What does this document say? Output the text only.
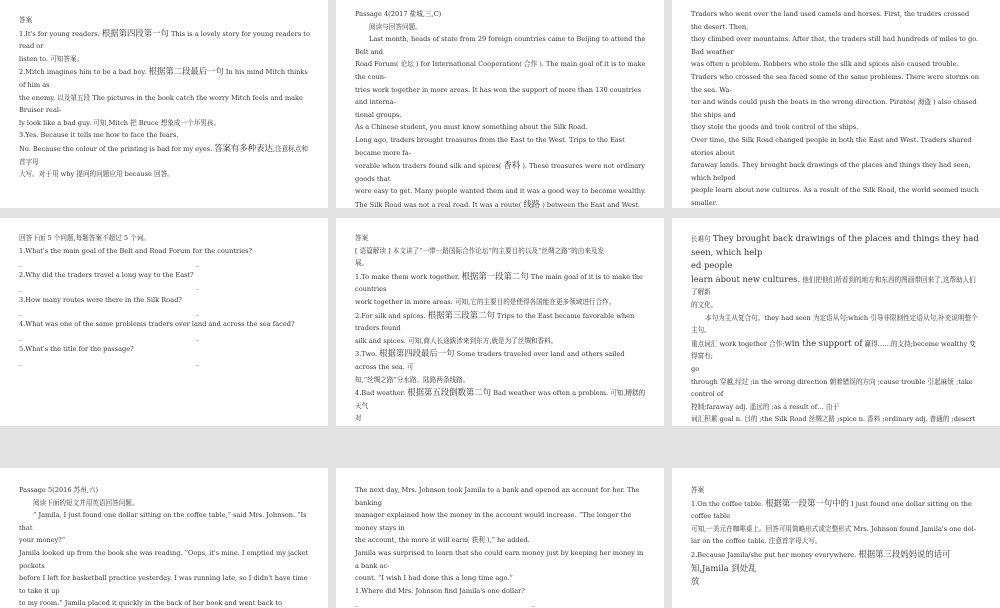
答案

1.It's for young readers. 根据第四段第一句 This is a lovely story for young readers to read or

listen to. 可知答案。

2.Mitch imagines him to be a bad boy. 根据第二段最后一句 In his mind Mitch thinks of him as

the enemy. 以及第五段 The pictures in the book catch the worry Mitch feels and make Bruiser real-

ly look like a bad guy. 可知,Mitch 把 Bruce 想象成一个坏男孩。

3.Yes. Because it tells me how to face the fears.

No. Because the colour of the printing is bad for my eyes. 答案有多种表达,注意标点和首字母

大写。对于用 why 提问的问题应用 because 回答。

Passage 4(2017 盐城,三,C)

阅读与回答问题。

Last month, heads of state from 29 foreign countries came to Beijing to attend the Belt and

Road Forum( 论坛 ) for International Cooperation( 合作 ). The main goal of it is to make the coun-

tries work together in more areas. It has won the support of more than 130 countries and interna-

tional groups.

As a Chinese student, you must know something about the Silk Road.

Long ago, traders brought treasures from the East to the West. Trips to the East became more fa-

vorable when traders found silk and spices( 香料 ). These treasures were not ordinary goods that

were easy to get. Many people wanted them and it was a good way to become wealthy.

The Silk Road was not a real road. It was a route( 线路 ) between the East and West.

Traders who went over the land used camels and horses. First, the traders crossed the desert. Then,

they climbed over mountains. After that, the traders still had hundreds of miles to go. Bad weather

was often a problem. Robbers who stole the silk and spices also caused trouble.

Traders who crossed the sea faced some of the same problems. There were storms on the sea. Wa-

ter and winds could push the boats in the wrong direction. Pirates( 海盗 ) also chased the ships and

they stole the goods and took control of the ships.

Over time, the Silk Road changed people in both the East and West. Traders shared stories about

faraway lands. They brought back drawings of the places and things they had seen, which helped

people learn about new cultures. As a result of the Silk Road, the world seemed much smaller.

回答下面 5 个问题,每题答案不超过 5 个词。

1.What's the main goal of the Belt and Road Forum for the countries?

_	_

2.Why did the traders travel a long way to the East?

_	.

3.How many routes were there in the Silk Road?

_	_

4.What was one of the same problems traders over land and across the sea faced?

_	_

5.What's the title for the passage?

_	_

答案

[ 语篇解读 ] 本文讲了“一带一路国际合作论坛”的主要目的以及“丝绸之路”的由来及发

展。

1.To make them work together. 根据第一段第二句 The main goal of it is to make the countries

work together in more areas. 可知,它的主要目的是使得各国能在更多领域进行合作。

2.For silk and spices. 根据第三段第二句 Trips to the East became favorable when traders found

silk and spices. 可知,商人长途跋涉来到东方,就是为了丝绸和香料。

3.Two. 根据第四段最后一句 Some traders traveled over land and others sailed across the sea. 可

知,“丝绸之路”分水路、陆路两条线路。

4.Bad weather. 根据第五段倒数第二句 Bad weather was often a problem. 可知,糟糕的天气

对

长难句 They brought back drawings of the places and things they had seen, which help

ed people

learn about new cultures. 他们把他们所看到的地方和东西的图画带回来了,这帮助人们了解新

的文化。

本句为主从复合句。they had seen 为定语从句;which 引导非限制性定语从句,补充说明整个

主句。

重点词汇 work together 合作;win the support of 赢得……的支持;become wealthy 变得富有;

go

through 穿越,经过 ;in the wrong direction 朝着错误的方向 ;cause trouble 引起麻烦 ;take control of

控制;faraway adj. 遥远的 ;as a result of… 由于

词汇积累 goal n. 目的 ;the Silk Road 丝绸之路 ;spice n. 香料 ;ordinary adj. 普通的 ;desert

Passage 5(2016 苏州,六)

阅读下面的短文并用英语回答问题。

“ Jamila, I just found one dollar sitting on the coffee table,” said Mrs. Johnson. “Is that

your money?”

Jamila looked up from the book she was reading. “Oops, it's mine. I emptied my jacket pockets

before I left for basketball practice yesterday. I was running late, so I didn't have time to take it up

to my room.” Jamila placed it quickly in the back of her book and went back to

The next day, Mrs. Johnson took Jamila to a bank and opened an account for her. The banking

manager explained how the money in the account would increase. “The longer the money stays in

the account, the more it will earn( 获利 ),” he added.

Jamila was surprised to learn that she could earn money just by keeping her money in a bank ac-

count. “I wish I had done this a long time ago.”

1.Where did Mrs. Johnson find Jamila's one dollar?

_	_

答案

1.On the coffee table. 根据第一段第一句中的 I just found one dollar sitting on the coffee table

可知,一美元在咖啡桌上。回答可用简略形式或完整形式 Mrs. Johnson found Jamila's one dol-

lar on the coffee table. 注意首字母大写。

2.Because Jamila/she put her money everywhere. 根据第三段妈妈说的话可知,Jamila 到处乱

放
